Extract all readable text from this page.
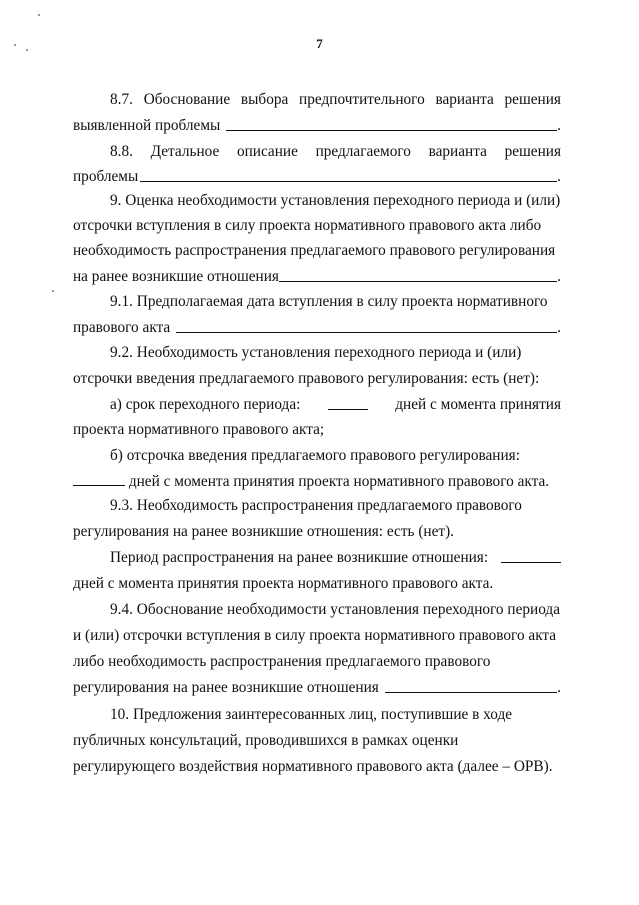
7
8.7. Обоснование выбора предпочтительного варианта решения
выявленной проблемы	.
8.8. Детальное описание предлагаемого варианта решения
проблемы	.
9. Оценка необходимости установления переходного периода и (или)
отсрочки вступления в силу проекта нормативного правового акта либо
необходимость распространения предлагаемого правового регулирования
на ранее возникшие отношения	.
9.1. Предполагаемая дата вступления в силу проекта нормативного
правового акта	.
9.2. Необходимость установления переходного периода и (или)
отсрочки введения предлагаемого правового регулирования: есть (нет):
а) срок переходного периода:	дней с момента принятия
проекта нормативного правового акта;
б) отсрочка введения предлагаемого правового регулирования:
дней с момента принятия проекта нормативного правового акта.
9.3. Необходимость распространения предлагаемого правового
регулирования на ранее возникшие отношения: есть (нет).
Период распространения на ранее возникшие отношения:
дней с момента принятия проекта нормативного правового акта.
9.4. Обоснование необходимости установления переходного периода
и (или) отсрочки вступления в силу проекта нормативного правового акта
либо необходимость распространения предлагаемого правового
регулирования на ранее возникшие отношения	.
10. Предложения заинтересованных лиц, поступившие в ходе
публичных консультаций, проводившихся в рамках оценки
регулирующего воздействия нормативного правового акта (далее – ОРВ).
